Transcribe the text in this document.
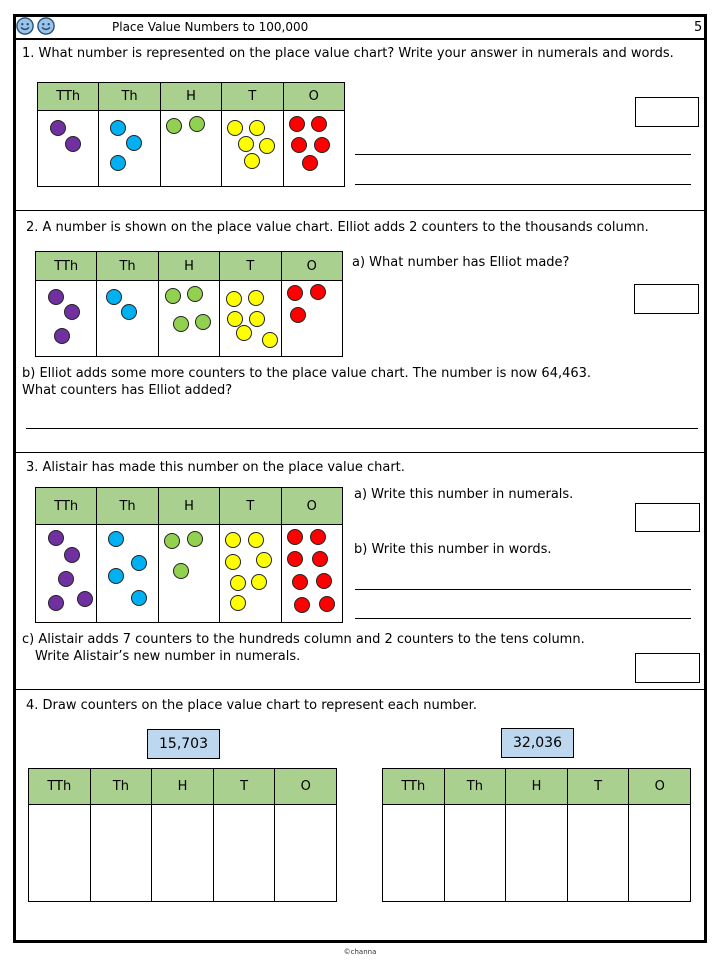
Place Value Numbers to 100,000	5
1. What number is represented on the place value chart? Write your answer in numerals and words.
TTh	Th	H	T	O

2. A number is shown on the place value chart. Elliot adds 2 counters to the thousands column.
TTh	Th	H	T	O

		a) What number has Elliot made?
b) Elliot adds some more counters to the place value chart. The number is now 64,463.
What counters has Elliot added?
3. Alistair has made this number on the place value chart.
TTh	Th	H	T	O

a) Write this number in numerals.
b) Write this number in words.
c) Alistair adds 7 counters to the hundreds column and 2 counters to the tens column.
Write Alistair’s new number in numerals.
4. Draw counters on the place value chart to represent each number.
15,703	32,036
TTh	Th	H	T	O
					TTh	Th	H	T	O

©channa
